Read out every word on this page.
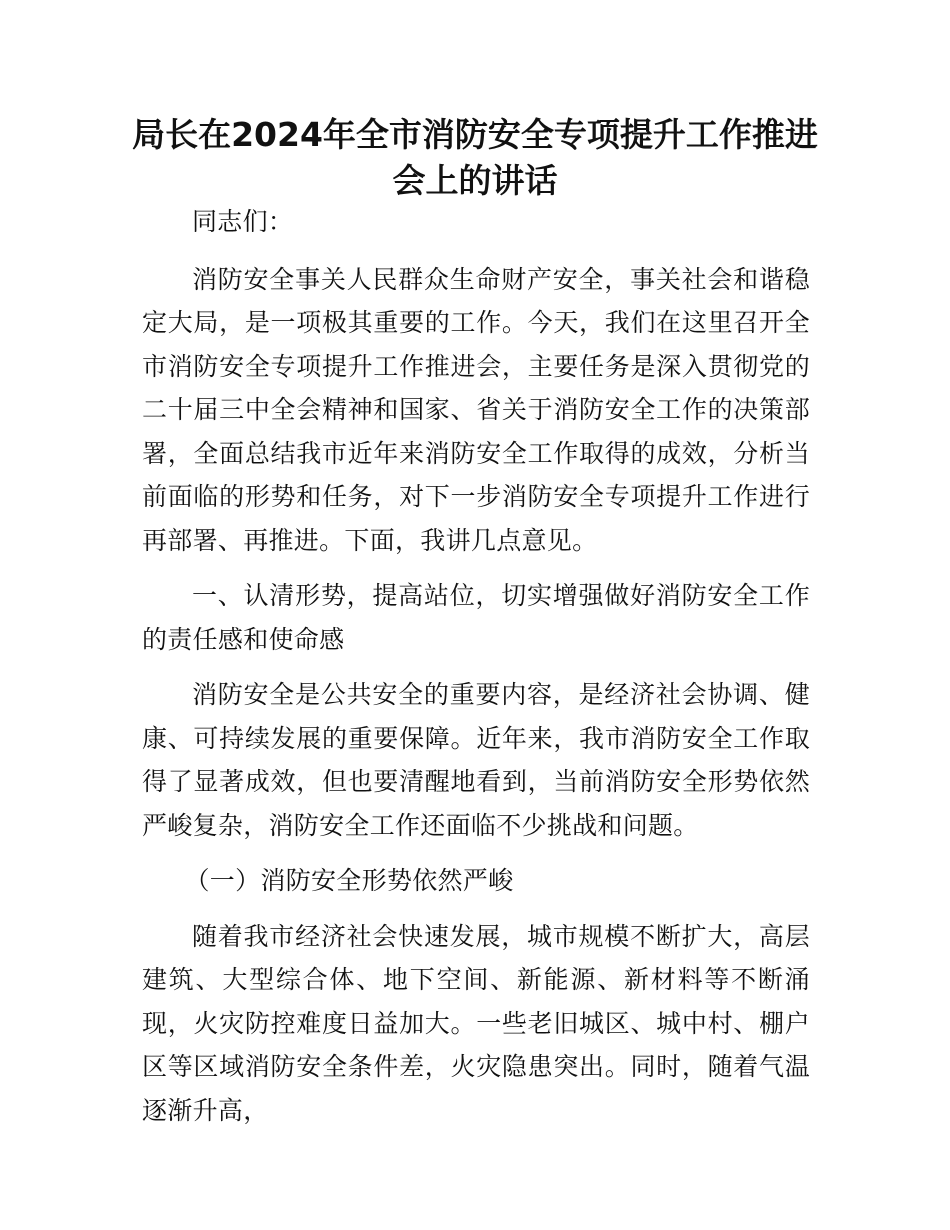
局长在2024年全市消防安全专项提升工作推进
会上的讲话

同志们：

消防安全事关人民群众生命财产安全，事关社会和谐稳定大局，是一项极其重要的工作。今天，我们在这里召开全市消防安全专项提升工作推进会，主要任务是深入贯彻党的二十届三中全会精神和国家、省关于消防安全工作的决策部署，全面总结我市近年来消防安全工作取得的成效，分析当前面临的形势和任务，对下一步消防安全专项提升工作进行再部署、再推进。下面，我讲几点意见。

一、认清形势，提高站位，切实增强做好消防安全工作的责任感和使命感

消防安全是公共安全的重要内容，是经济社会协调、健康、可持续发展的重要保障。近年来，我市消防安全工作取得了显著成效，但也要清醒地看到，当前消防安全形势依然严峻复杂，消防安全工作还面临不少挑战和问题。

（一）消防安全形势依然严峻

随着我市经济社会快速发展，城市规模不断扩大，高层建筑、大型综合体、地下空间、新能源、新材料等不断涌现，火灾防控难度日益加大。一些老旧城区、城中村、棚户区等区域消防安全条件差，火灾隐患突出。同时，随着气温逐渐升高，
